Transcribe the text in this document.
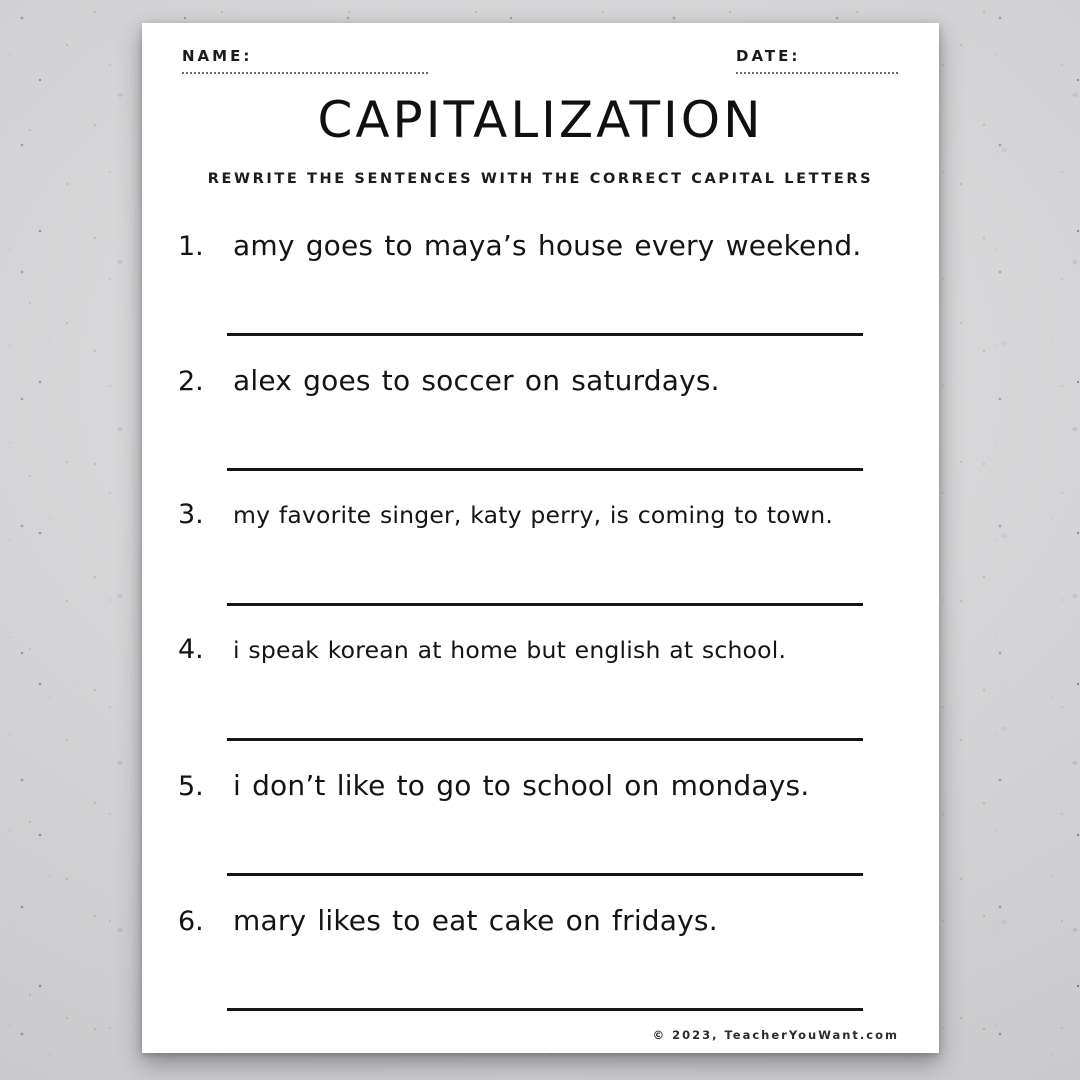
NAME:	DATE:
CAPITALIZATION
REWRITE THE SENTENCES WITH THE CORRECT CAPITAL LETTERS
1.	amy goes to maya’s house every weekend.
2.	alex goes to soccer on saturdays.
3.	my favorite singer, katy perry, is coming to town.
4.	i speak korean at home but english at school.
5.	i don’t like to go to school on mondays.
6.	mary likes to eat cake on fridays.
© 2023, TeacherYouWant.com
